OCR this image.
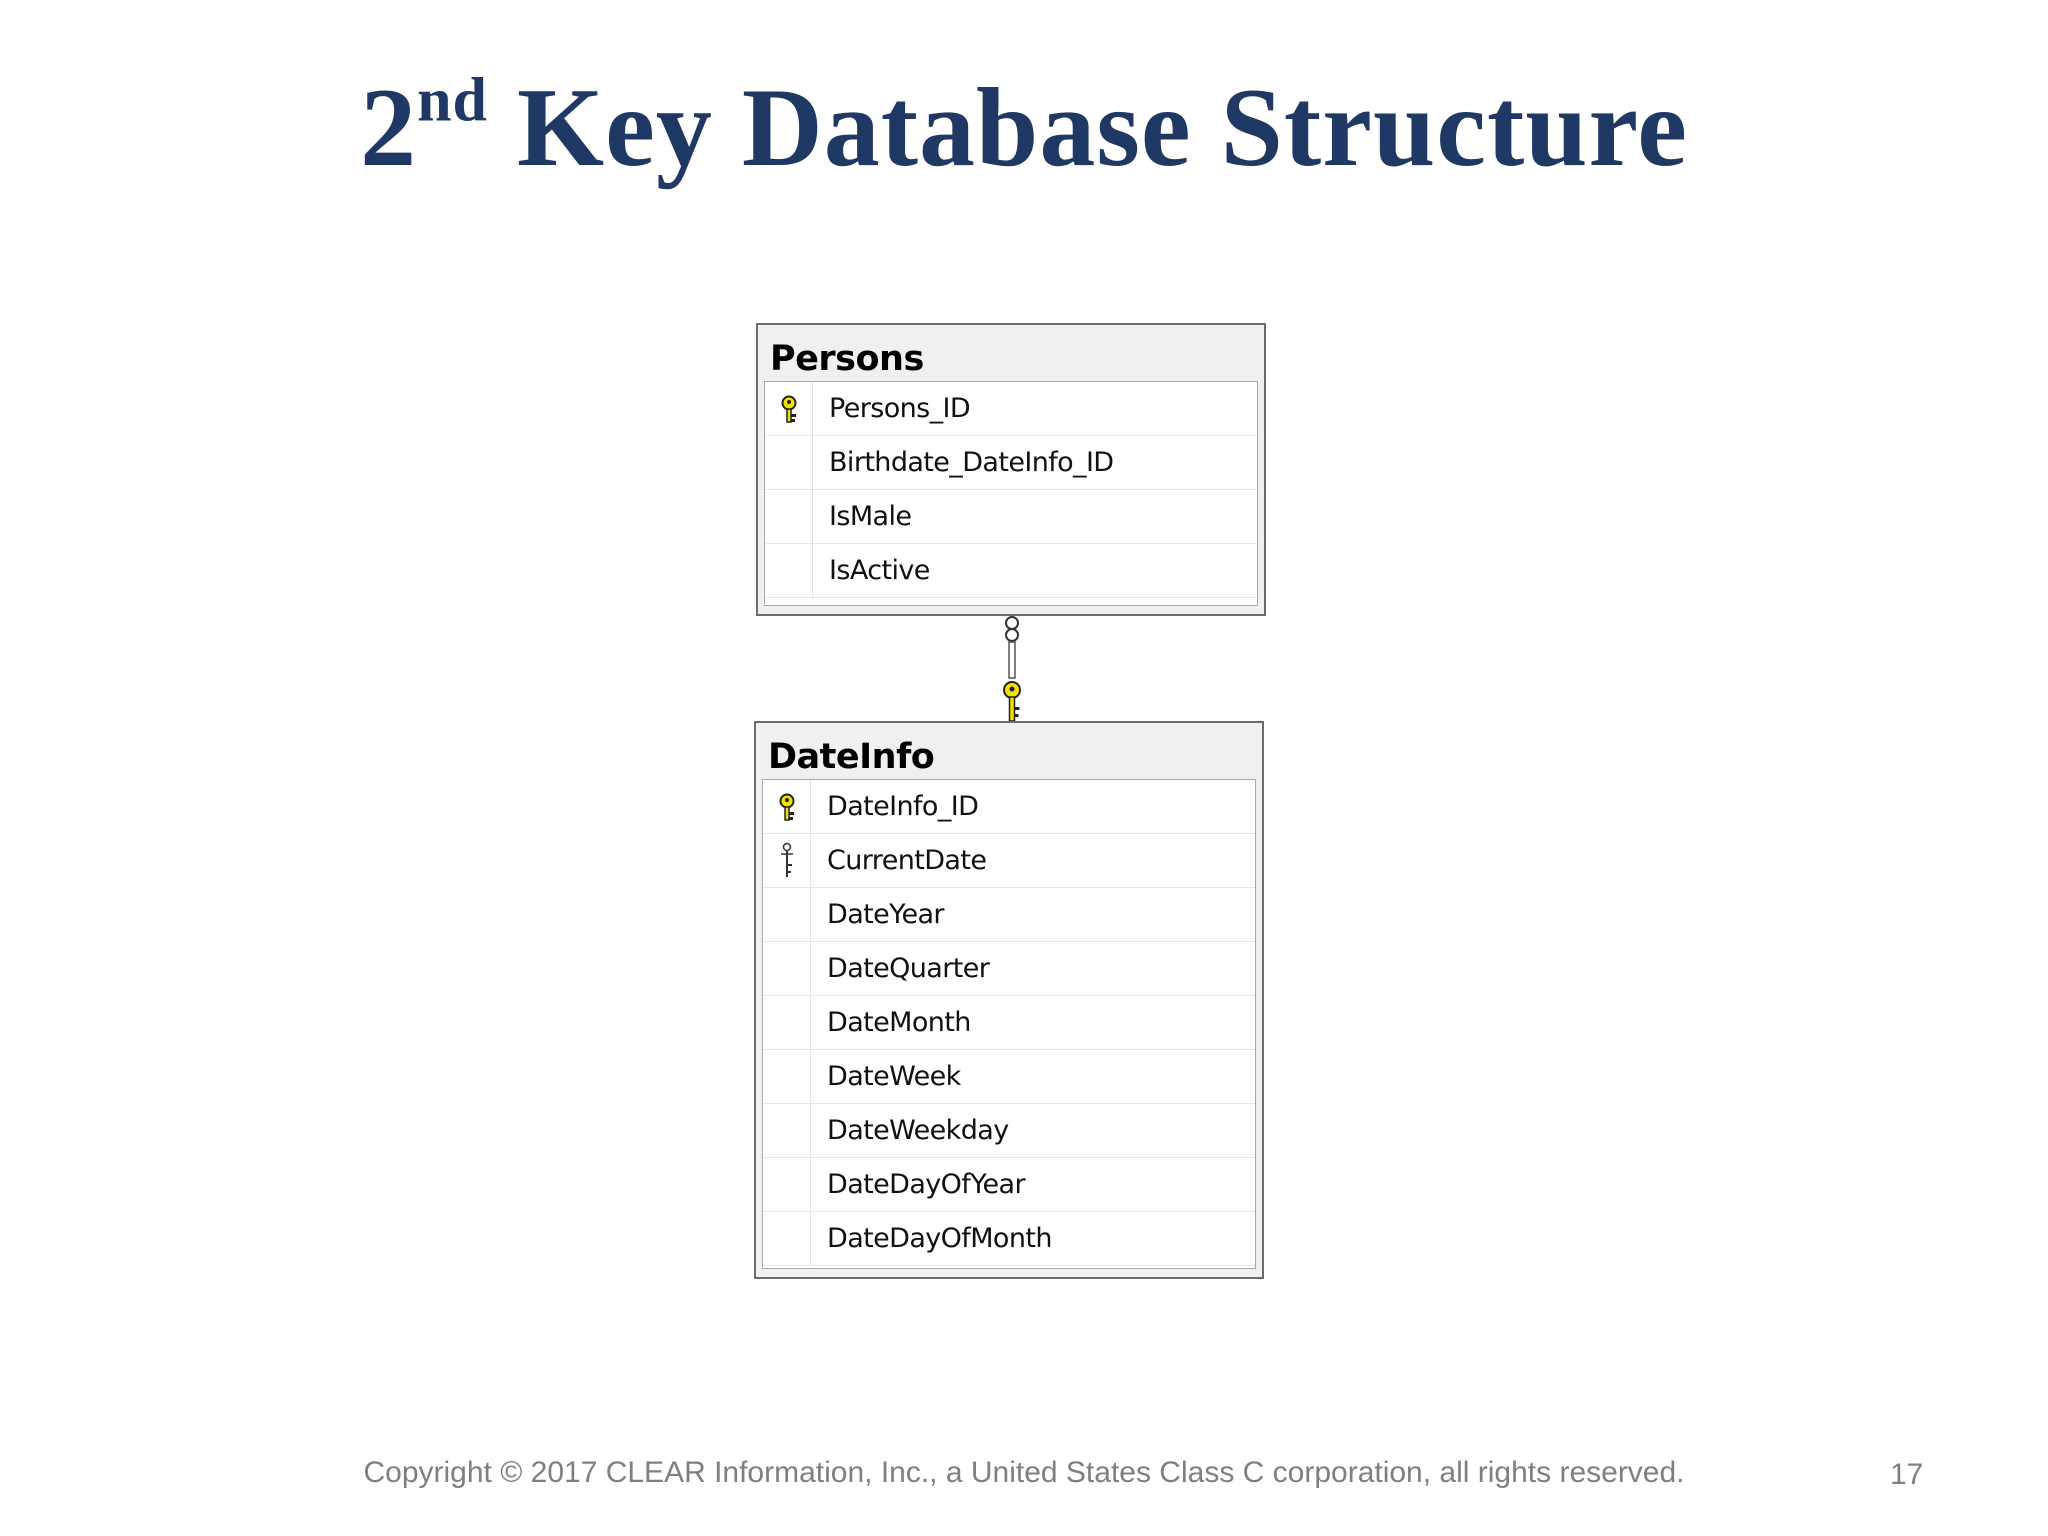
2nd Key Database Structure
Persons
Persons_ID
Birthdate_DateInfo_ID
IsMale
IsActive
DateInfo
DateInfo_ID
CurrentDate
DateYear
DateQuarter
DateMonth
DateWeek
DateWeekday
DateDayOfYear
DateDayOfMonth
Copyright © 2017 CLEAR Information, Inc., a United States Class C corporation, all rights reserved.	17
